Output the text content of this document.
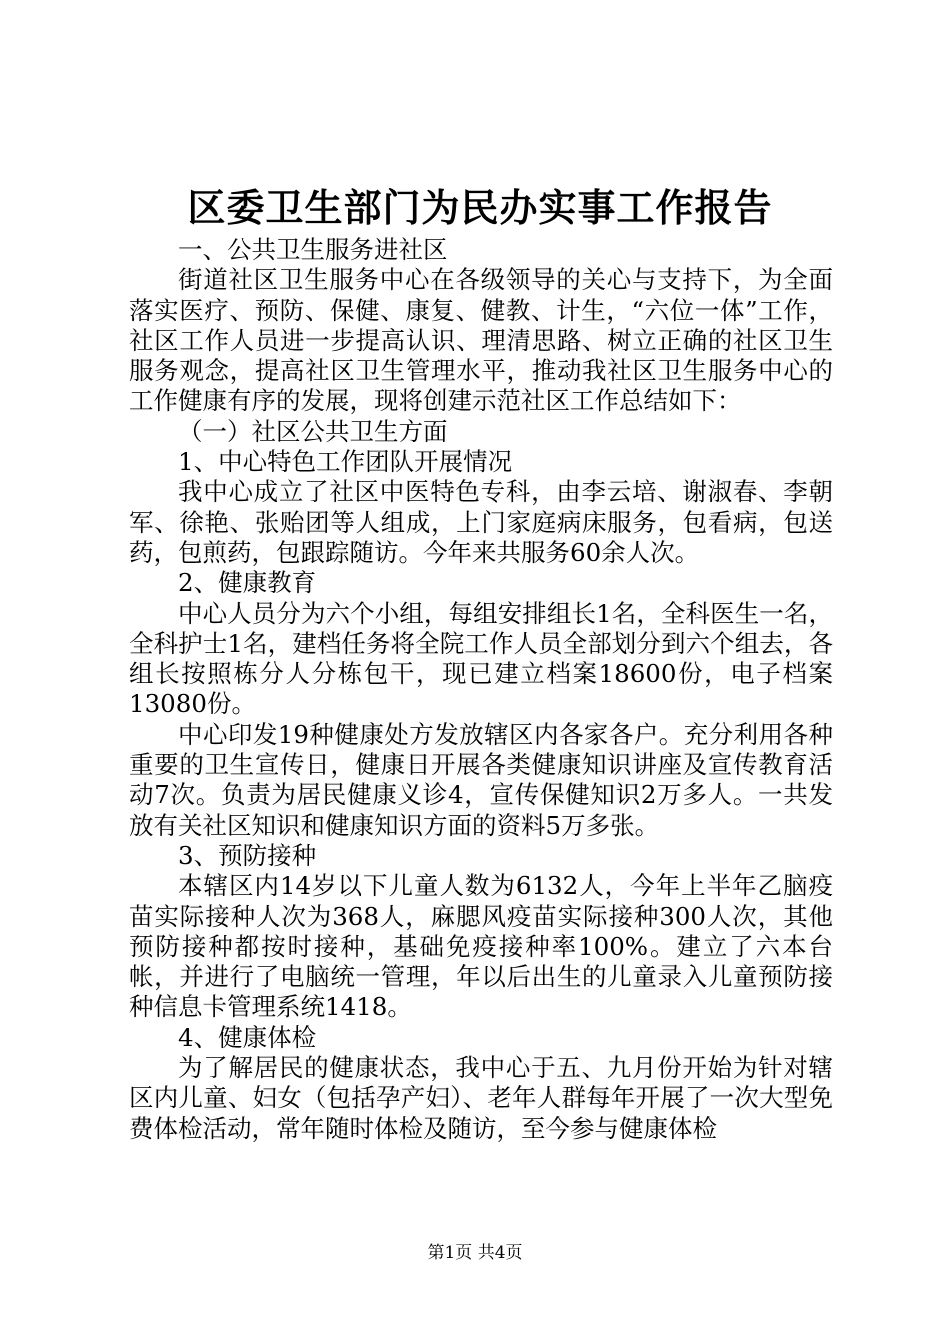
区委卫生部门为民办实事工作报告

一、公共卫生服务进社区

街道社区卫生服务中心在各级领导的关心与支持下，为全面落实医疗、预防、保健、康复、健教、计生，“六位一体”工作，社区工作人员进一步提高认识、理清思路、树立正确的社区卫生服务观念，提高社区卫生管理水平，推动我社区卫生服务中心的工作健康有序的发展，现将创建示范社区工作总结如下：

（一）社区公共卫生方面

1、中心特色工作团队开展情况

我中心成立了社区中医特色专科，由李云培、谢淑春、李朝军、徐艳、张贻团等人组成，上门家庭病床服务，包看病，包送药，包煎药，包跟踪随访。今年来共服务60余人次。

2、健康教育

中心人员分为六个小组，每组安排组长1名，全科医生一名，全科护士1名，建档任务将全院工作人员全部划分到六个组去，各组长按照栋分人分栋包干，现已建立档案18600份，电子档案13080份。

中心印发19种健康处方发放辖区内各家各户。充分利用各种重要的卫生宣传日，健康日开展各类健康知识讲座及宣传教育活动7次。负责为居民健康义诊4，宣传保健知识2万多人。一共发放有关社区知识和健康知识方面的资料5万多张。

3、预防接种

本辖区内14岁以下儿童人数为6132人，今年上半年乙脑疫苗实际接种人次为368人，麻腮风疫苗实际接种300人次，其他预防接种都按时接种，基础免疫接种率100%。建立了六本台帐，并进行了电脑统一管理，年以后出生的儿童录入儿童预防接种信息卡管理系统1418。

4、健康体检

为了解居民的健康状态，我中心于五、九月份开始为针对辖区内儿童、妇女（包括孕产妇）、老年人群每年开展了一次大型免费体检活动，常年随时体检及随访，至今参与健康体检

第1页 共4页
